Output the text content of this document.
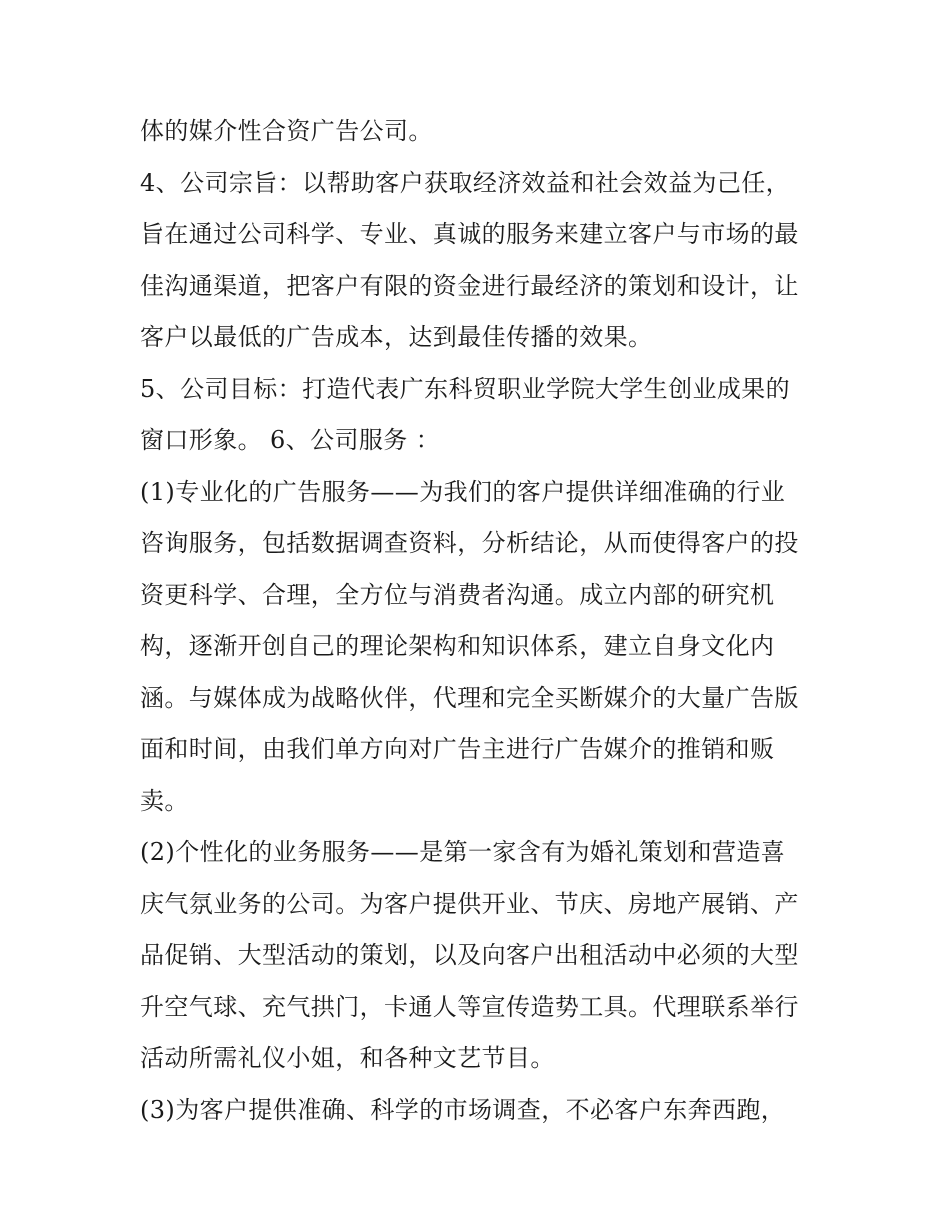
体的媒介性合资广告公司。
4、公司宗旨：以帮助客户获取经济效益和社会效益为己任，
旨在通过公司科学、专业、真诚的服务来建立客户与市场的最
佳沟通渠道，把客户有限的资金进行最经济的策划和设计，让
客户以最低的广告成本，达到最佳传播的效果。
5、公司目标：打造代表广东科贸职业学院大学生创业成果的
窗口形象。 6、公司服务 ：
(1)专业化的广告服务——为我们的客户提供详细准确的行业
咨询服务，包括数据调查资料，分析结论，从而使得客户的投
资更科学、合理，全方位与消费者沟通。成立内部的研究机
构，逐渐开创自己的理论架构和知识体系，建立自身文化内
涵。与媒体成为战略伙伴，代理和完全买断媒介的大量广告版
面和时间，由我们单方向对广告主进行广告媒介的推销和贩
卖。
(2)个性化的业务服务——是第一家含有为婚礼策划和营造喜
庆气氛业务的公司。为客户提供开业、节庆、房地产展销、产
品促销、大型活动的策划，以及向客户出租活动中必须的大型
升空气球、充气拱门，卡通人等宣传造势工具。代理联系举行
活动所需礼仪小姐，和各种文艺节目。
(3)为客户提供准确、科学的市场调查，不必客户东奔西跑，
